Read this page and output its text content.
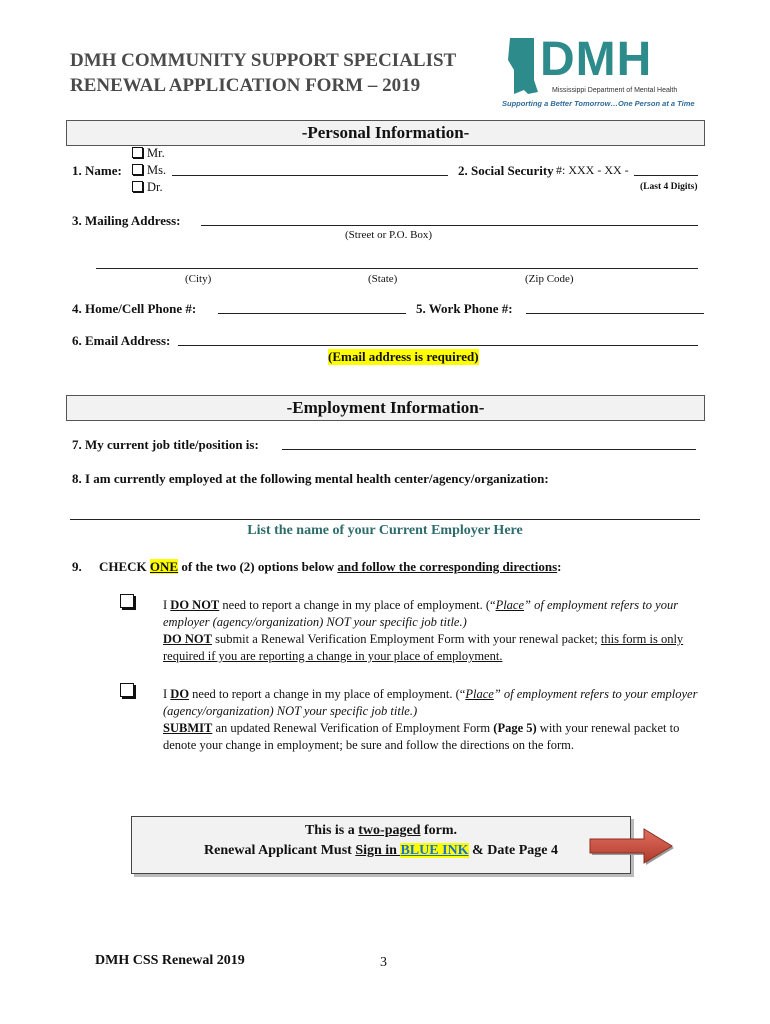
DMH COMMUNITY SUPPORT SPECIALIST
RENEWAL APPLICATION FORM – 2019	DMH
Mississippi Department of Mental Health
Supporting a Better Tomorrow…One Person at a Time
-Personal Information-
Mr.
1. Name:	Ms.
Dr.
2. Social Security #: XXX - XX -
(Last 4 Digits)
3. Mailing Address:
(Street or P.O. Box)
(City)	(State)	(Zip Code)
4. Home/Cell Phone #:	5. Work Phone #:
6. Email Address:
(Email address is required)
-Employment Information-
7. My current job title/position is:
8. I am currently employed at the following mental health center/agency/organization:
List the name of your Current Employer Here
9. CHECK ONE of the two (2) options below and follow the corresponding directions:
I DO NOT need to report a change in my place of employment. (“Place” of employment refers to your employer (agency/organization) NOT your specific job title.)
DO NOT submit a Renewal Verification Employment Form with your renewal packet; this form is only required if you are reporting a change in your place of employment.
I DO need to report a change in my place of employment. (“Place” of employment refers to your employer (agency/organization) NOT your specific job title.)
SUBMIT an updated Renewal Verification of Employment Form (Page 5) with your renewal packet to denote your change in employment; be sure and follow the directions on the form.
This is a two-paged form.
Renewal Applicant Must Sign in BLUE INK & Date Page 4
DMH CSS Renewal 2019	3
